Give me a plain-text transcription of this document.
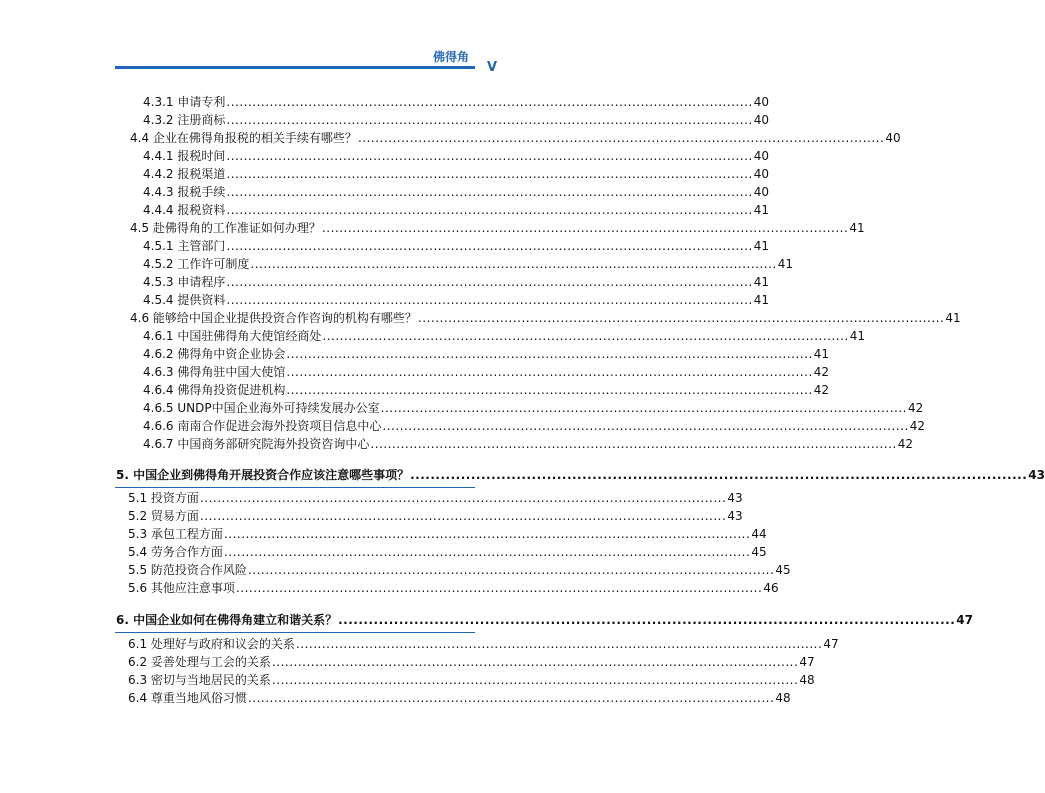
佛得角
V
4.3.1 申请专利 .......................................................................................................................... 40
4.3.2 注册商标 .......................................................................................................................... 40
4.4 企业在佛得角报税的相关手续有哪些？ .......................................................................................................................... 40
4.4.1 报税时间 .......................................................................................................................... 40
4.4.2 报税渠道 .......................................................................................................................... 40
4.4.3 报税手续 .......................................................................................................................... 40
4.4.4 报税资料 .......................................................................................................................... 41
4.5 赴佛得角的工作准证如何办理？ .......................................................................................................................... 41
4.5.1 主管部门 .......................................................................................................................... 41
4.5.2 工作许可制度 .......................................................................................................................... 41
4.5.3 申请程序 .......................................................................................................................... 41
4.5.4 提供资料 .......................................................................................................................... 41
4.6 能够给中国企业提供投资合作咨询的机构有哪些？ .......................................................................................................................... 41
4.6.1 中国驻佛得角大使馆经商处 .......................................................................................................................... 41
4.6.2 佛得角中资企业协会 .......................................................................................................................... 41
4.6.3 佛得角驻中国大使馆 .......................................................................................................................... 42
4.6.4 佛得角投资促进机构 .......................................................................................................................... 42
4.6.5 UNDP中国企业海外可持续发展办公室 .......................................................................................................................... 42
4.6.6 南南合作促进会海外投资项目信息中心 .......................................................................................................................... 42
4.6.7 中国商务部研究院海外投资咨询中心 .......................................................................................................................... 42
5. 中国企业到佛得角开展投资合作应该注意哪些事项？ .......................................................................................................................... 43
5.1 投资方面 .......................................................................................................................... 43
5.2 贸易方面 .......................................................................................................................... 43
5.3 承包工程方面 .......................................................................................................................... 44
5.4 劳务合作方面 .......................................................................................................................... 45
5.5 防范投资合作风险 .......................................................................................................................... 45
5.6 其他应注意事项 .......................................................................................................................... 46
6. 中国企业如何在佛得角建立和谐关系？ .......................................................................................................................... 47
6.1 处理好与政府和议会的关系 .......................................................................................................................... 47
6.2 妥善处理与工会的关系 .......................................................................................................................... 47
6.3 密切与当地居民的关系 .......................................................................................................................... 48
6.4 尊重当地风俗习惯 .......................................................................................................................... 48
